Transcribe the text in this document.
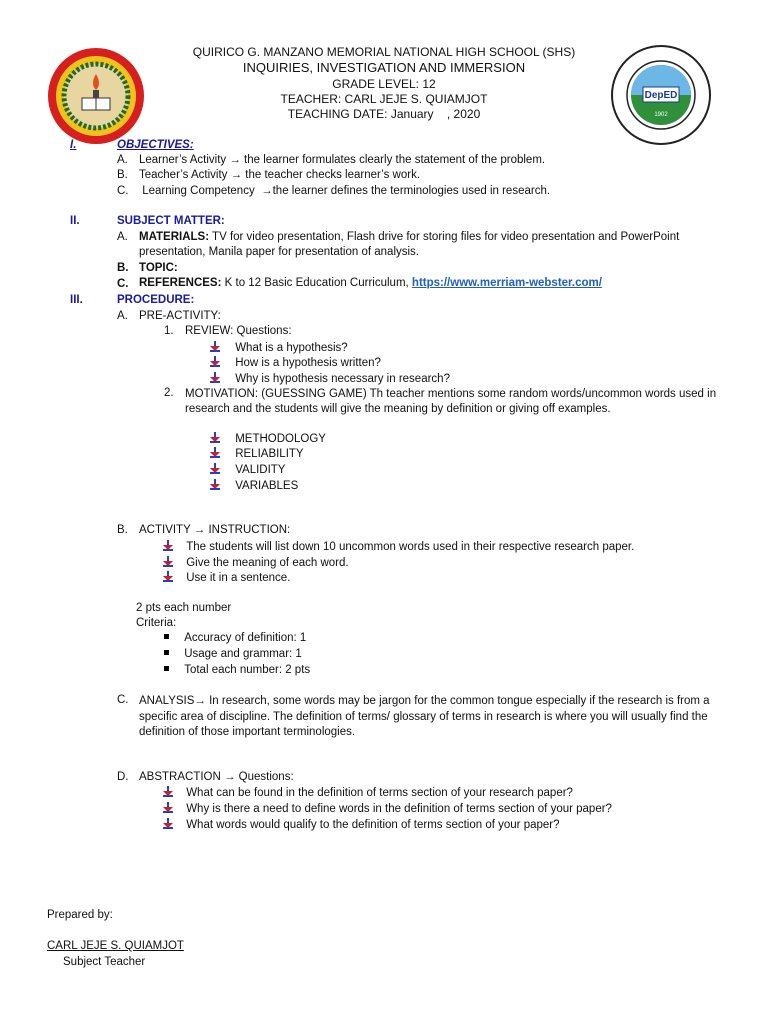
DepED
1902
QUIRICO G. MANZANO MEMORIAL NATIONAL HIGH SCHOOL (SHS)
INQUIRIES, INVESTIGATION AND IMMERSION
GRADE LEVEL: 12
TEACHER: CARL JEJE S. QUIAMJOT
TEACHING DATE: January    , 2020
I.	OBJECTIVES:
A. Learner’s Activity → the learner formulates clearly the statement of the problem.
B. Teacher’s Activity → the teacher checks learner’s work.
C. Learning Competency  →the learner defines the terminologies used in research.
II.	SUBJECT MATTER:
A. MATERIALS: TV for video presentation, Flash drive for storing files for video presentation and PowerPoint presentation, Manila paper for presentation of analysis.
B. TOPIC:
C. REFERENCES: K to 12 Basic Education Curriculum, https://www.merriam-webster.com/
III.	PROCEDURE:
A. PRE-ACTIVITY:
1. REVIEW: Questions:
What is a hypothesis?
How is a hypothesis written?
Why is hypothesis necessary in research?
2. MOTIVATION: (GUESSING GAME) Th teacher mentions some random words/uncommon words used in research and the students will give the meaning by definition or giving off examples.
METHODOLOGY
RELIABILITY
VALIDITY
VARIABLES
B. ACTIVITY → INSTRUCTION:
The students will list down 10 uncommon words used in their respective research paper.
Give the meaning of each word.
Use it in a sentence.
2 pts each number
Criteria:
Accuracy of definition: 1
Usage and grammar: 1
Total each number: 2 pts
C. ANALYSIS→ In research, some words may be jargon for the common tongue especially if the research is from a specific area of discipline. The definition of terms/ glossary of terms in research is where you will usually find the definition of those important terminologies.
D. ABSTRACTION → Questions:
What can be found in the definition of terms section of your research paper?
Why is there a need to define words in the definition of terms section of your paper?
What words would qualify to the definition of terms section of your paper?
Prepared by:
CARL JEJE S. QUIAMJOT
Subject Teacher
